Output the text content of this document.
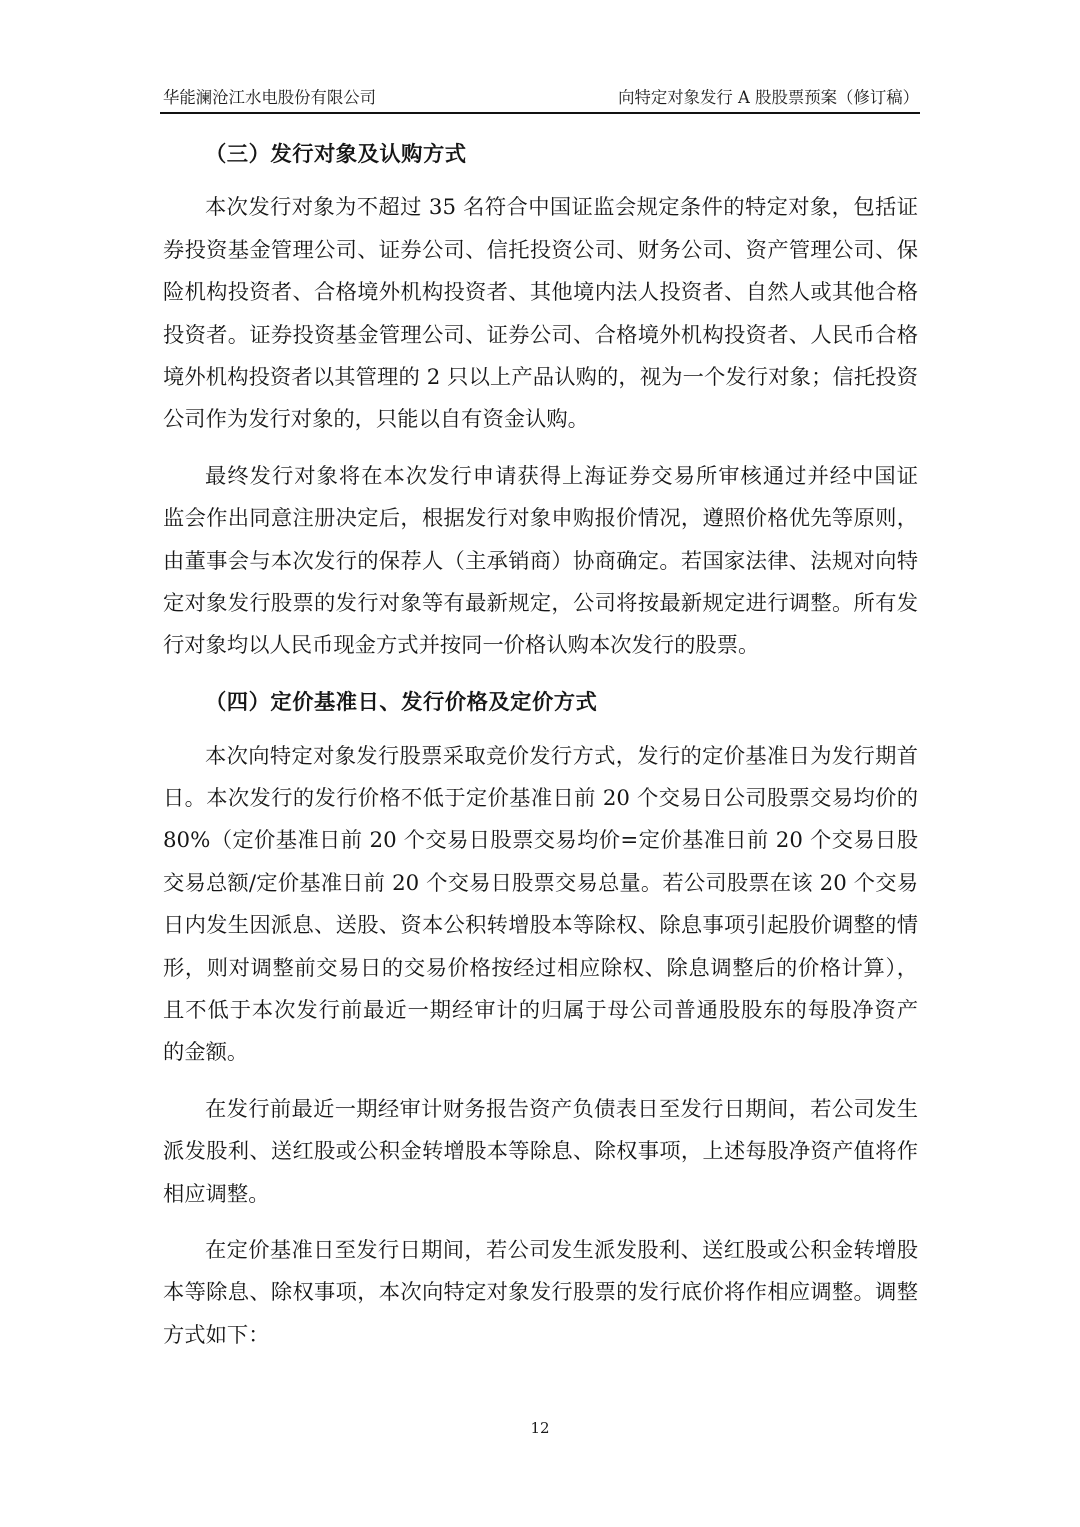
华能澜沧江水电股份有限公司	向特定对象发行 A 股股票预案（修订稿）
（三）发行对象及认购方式
本次发行对象为不超过 35 名符合中国证监会规定条件的特定对象，包括证
券投资基金管理公司、证券公司、信托投资公司、财务公司、资产管理公司、保
险机构投资者、合格境外机构投资者、其他境内法人投资者、自然人或其他合格
投资者。证券投资基金管理公司、证券公司、合格境外机构投资者、人民币合格
境外机构投资者以其管理的 2 只以上产品认购的，视为一个发行对象；信托投资
公司作为发行对象的，只能以自有资金认购。
最终发行对象将在本次发行申请获得上海证券交易所审核通过并经中国证
监会作出同意注册决定后，根据发行对象申购报价情况，遵照价格优先等原则，
由董事会与本次发行的保荐人（主承销商）协商确定。若国家法律、法规对向特
定对象发行股票的发行对象等有最新规定，公司将按最新规定进行调整。所有发
行对象均以人民币现金方式并按同一价格认购本次发行的股票。
（四）定价基准日、发行价格及定价方式
本次向特定对象发行股票采取竞价发行方式，发行的定价基准日为发行期首
日。本次发行的发行价格不低于定价基准日前 20 个交易日公司股票交易均价的
80%（定价基准日前 20 个交易日股票交易均价=定价基准日前 20 个交易日股
交易总额/定价基准日前 20 个交易日股票交易总量。若公司股票在该 20 个交易
日内发生因派息、送股、资本公积转增股本等除权、除息事项引起股价调整的情
形，则对调整前交易日的交易价格按经过相应除权、除息调整后的价格计算），
且不低于本次发行前最近一期经审计的归属于母公司普通股股东的每股净资产
的金额。
在发行前最近一期经审计财务报告资产负债表日至发行日期间，若公司发生
派发股利、送红股或公积金转增股本等除息、除权事项，上述每股净资产值将作
相应调整。
在定价基准日至发行日期间，若公司发生派发股利、送红股或公积金转增股
本等除息、除权事项，本次向特定对象发行股票的发行底价将作相应调整。调整
方式如下：
12
